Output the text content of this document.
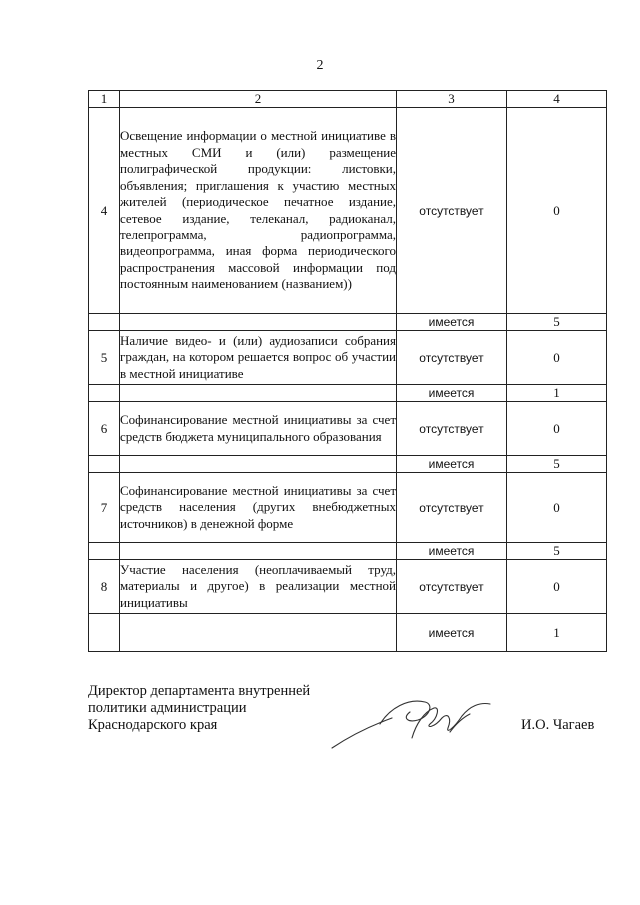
2
1	2	3	4
4	Освещение информации о местной инициативе в местных СМИ и (или) размещение полиграфической продукции: листовки, объявления; приглашения к участию местных жителей (периодическое печатное издание, сетевое издание, телеканал, радиоканал, телепрограмма, радиопрограмма, видеопрограмма, иная форма периодического распространения массовой информации под постоянным наименованием (названием))	отсутствует	0
		имеется	5
5	Наличие видео- и (или) аудиозаписи собрания граждан, на котором решается вопрос об участии в местной инициативе	отсутствует	0
		имеется	1
6	Софинансирование местной инициативы за счет средств бюджета муниципального образования	отсутствует	0
		имеется	5
7	Софинансирование местной инициативы за счет средств населения (других внебюджетных источников) в денежной форме	отсутствует	0
		имеется	5
8	Участие населения (неоплачиваемый труд, материалы и другое) в реализации местной инициативы	отсутствует	0
		имеется	1
Директор департамента внутренней
политики администрации
Краснодарского края	И.О. Чагаев
